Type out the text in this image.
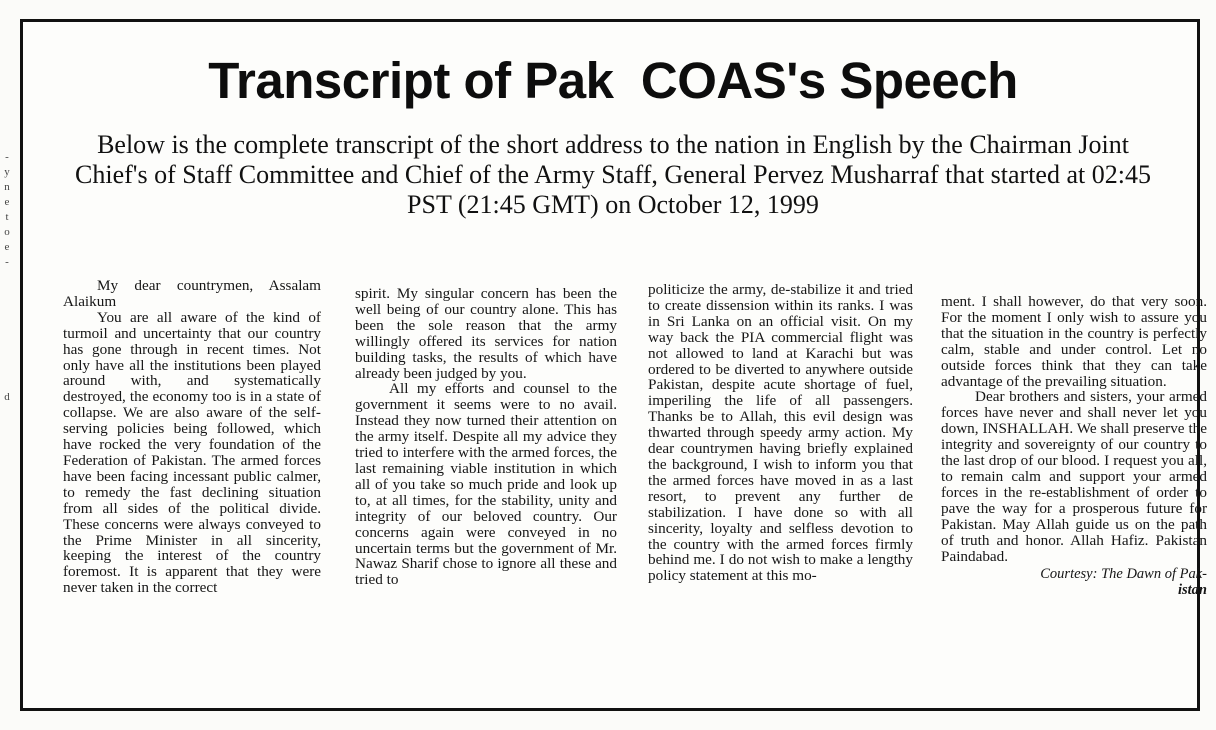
-
y
n
e
t
o
e
-

d
Transcript of Pak  COAS's Speech
Below is the complete transcript of the short address to the nation in English by the Chairman Joint Chief's of Staff Committee and Chief of the Army Staff, General Pervez Musharraf that started at 02:45 PST (21:45 GMT) on October 12, 1999

My dear countrymen, Assalam Alaikum

You are all aware of the kind of turmoil and uncertainty that our country has gone through in recent times. Not only have all the institutions been played around with, and systematically destroyed, the economy too is in a state of collapse. We are also aware of the self-serving policies being followed, which have rocked the very foundation of the Federation of Pakistan. The armed forces have been facing incessant public calmer, to remedy the fast declining situation from all sides of the political divide. These concerns were always conveyed to the Prime Minister in all sincerity, keeping the interest of the country foremost. It is apparent that they were never taken in the correct

spirit. My singular concern has been the well being of our country alone. This has been the sole reason that the army willingly offered its services for nation building tasks, the results of which have already been judged by you.

All my efforts and counsel to the government it seems were to no avail. Instead they now turned their attention on the army itself. Despite all my advice they tried to interfere with the armed forces, the last remaining viable institution in which all of you take so much pride and look up to, at all times, for the stability, unity and integrity of our beloved country. Our concerns again were conveyed in no uncertain terms but the government of Mr. Nawaz Sharif chose to ignore all these and tried to

politicize the army, de-stabilize it and tried to create dissension within its ranks. I was in Sri Lanka on an official visit. On my way back the PIA commercial flight was not allowed to land at Karachi but was ordered to be diverted to anywhere outside Pakistan, despite acute shortage of fuel, imperiling the life of all passengers. Thanks be to Allah, this evil design was thwarted through speedy army action. My dear countrymen having briefly explained the background, I wish to inform you that the armed forces have moved in as a last resort, to prevent any further de stabilization. I have done so with all sincerity, loyalty and selfless devotion to the country with the armed forces firmly behind me. I do not wish to make a lengthy policy statement at this mo-

ment. I shall however, do that very soon. For the moment I only wish to assure you that the situation in the country is perfectly calm, stable and under control. Let no outside forces think that they can take advantage of the prevailing situation.

Dear brothers and sisters, your armed forces have never and shall never let you down, INSHALLAH. We shall preserve the integrity and sovereignty of our country to the last drop of our blood. I request you all, to remain calm and support your armed forces in the re-establishment of order to pave the way for a prosperous future for Pakistan. May Allah guide us on the path of truth and honor. Allah Hafiz. Pakistan Paindabad.

Courtesy: The Dawn of Pak-
istan
